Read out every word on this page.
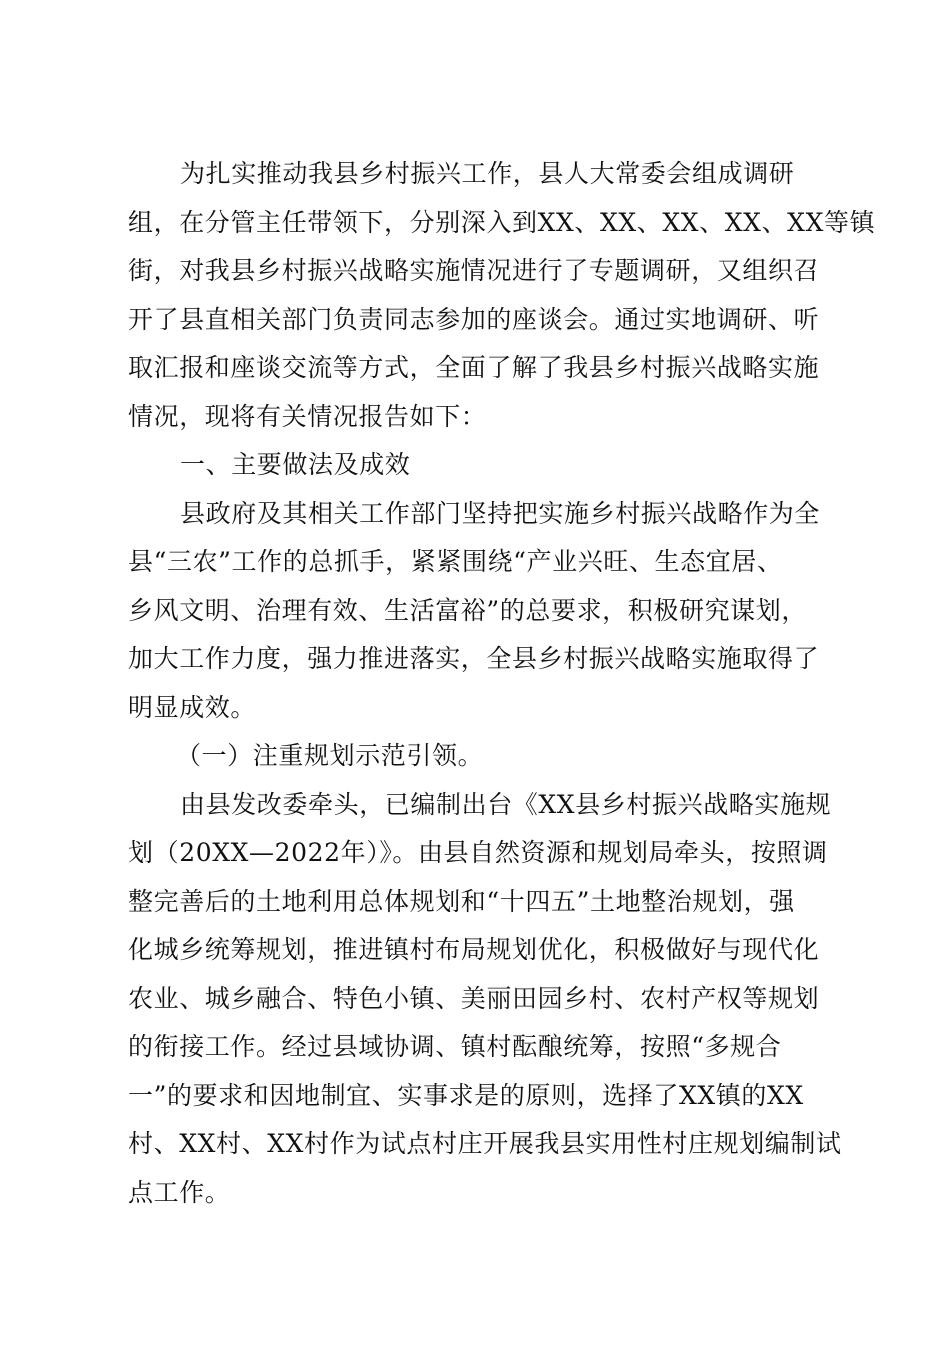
为扎实推动我县乡村振兴工作，县人大常委会组成调研
组，在分管主任带领下，分别深入到XX、XX、XX、XX、XX等镇
街，对我县乡村振兴战略实施情况进行了专题调研，又组织召
开了县直相关部门负责同志参加的座谈会。通过实地调研、听
取汇报和座谈交流等方式，全面了解了我县乡村振兴战略实施
情况，现将有关情况报告如下：
一、主要做法及成效
县政府及其相关工作部门坚持把实施乡村振兴战略作为全
县“三农”工作的总抓手，紧紧围绕“产业兴旺、生态宜居、
乡风文明、治理有效、生活富裕”的总要求，积极研究谋划，
加大工作力度，强力推进落实，全县乡村振兴战略实施取得了
明显成效。
（一）注重规划示范引领。
由县发改委牵头，已编制出台《XX县乡村振兴战略实施规
划（20XX—2022年）》。由县自然资源和规划局牵头，按照调
整完善后的土地利用总体规划和“十四五”土地整治规划，强
化城乡统筹规划，推进镇村布局规划优化，积极做好与现代化
农业、城乡融合、特色小镇、美丽田园乡村、农村产权等规划
的衔接工作。经过县域协调、镇村酝酿统筹，按照“多规合
一”的要求和因地制宜、实事求是的原则，选择了XX镇的XX
村、XX村、XX村作为试点村庄开展我县实用性村庄规划编制试
点工作。
